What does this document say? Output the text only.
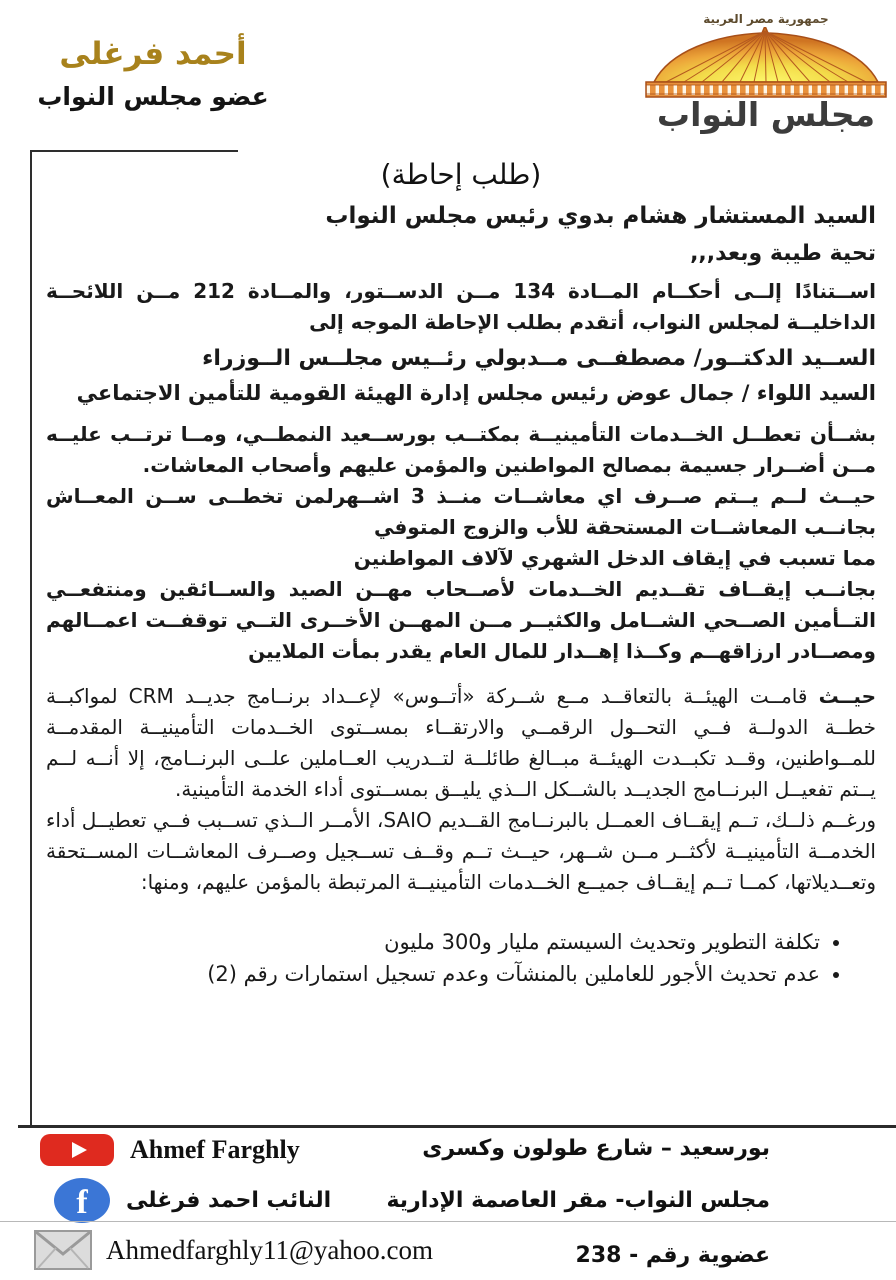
أحمد فرغلى
عضو مجلس النواب
جمهورية مصر العربية
مجلس النواب
(طلب إحاطة)
السيد المستشار هشام بدوي رئيس مجلس النواب
تحية طيبة وبعد,,,

اســتنادًا إلــى أحكــام المــادة 134 مــن الدســتور، والمــادة 212 مــن اللائحــة الداخليــة لمجلس النواب، أتقدم بطلب الإحاطة الموجه إلى

الســيد الدكتــور/ مصطفــى مــدبولي رئــيس مجلــس الــوزراء

السيد اللواء / جمال عوض رئيس مجلس إدارة الهيئة القومية للتأمين الاجتماعي

بشــأن تعطــل الخــدمات التأمينيــة بمكتــب بورســعيد النمطــي، ومــا ترتــب عليــه مــن أضــرار جسيمة بمصالح المواطنين والمؤمن عليهم وأصحاب المعاشات.

حيــث لــم يــتم صــرف اي معاشــات منــذ 3 اشــهرلمن تخطــى ســن المعــاش بجانــب المعاشــات المستحقة للأب والزوج المتوفي

مما تسبب في إيقاف الدخل الشهري لآلاف المواطنين

بجانــب إيقــاف تقــديم الخــدمات لأصــحاب مهــن الصيد والســائقين ومنتفعــي التــأمين الصــحي الشــامل والكثيــر مــن المهــن الأخــرى التــي توقفــت اعمــالهم ومصــادر ارزاقهــم وكــذا إهــدار للمال العام يقدر بمأت الملايين

حيــث قامــت الهيئــة بالتعاقــد مــع شــركة «أتــوس» لإعــداد برنــامج جديــد CRM لمواكبــة خطــة الدولــة فــي التحــول الرقمــي والارتقــاء بمســتوى الخــدمات التأمينيــة المقدمــة للمــواطنين، وقــد تكبــدت الهيئــة مبــالغ طائلــة لتــدريب العــاملين علــى البرنــامج، إلا أنــه لــم يــتم تفعيــل البرنــامج الجديــد بالشــكل الــذي يليــق بمســتوى أداء الخدمة التأمينية.

ورغــم ذلــك، تــم إيقــاف العمــل بالبرنــامج القــديم SAIO، الأمــر الــذي تســبب فــي تعطيــل أداء الخدمــة التأمينيــة لأكثــر مــن شــهر، حيــث تــم وقــف تســجيل وصــرف المعاشــات المســتحقة وتعــديلاتها، كمــا تــم إيقــاف جميــع الخــدمات التأمينيــة المرتبطة بالمؤمن عليهم، ومنها:

• تكلفة التطوير وتحديث السيستم مليار و300 مليون
• عدم تحديث الأجور للعاملين بالمنشآت وعدم تسجيل استمارات رقم (2)
Ahmef Farghly
f النائب احمد فرغلى
Ahmedfarghly11@yahoo.com
بورسعيد – شارع طولون وكسرى
مجلس النواب- مقر العاصمة الإدارية
عضوية رقم - 238
